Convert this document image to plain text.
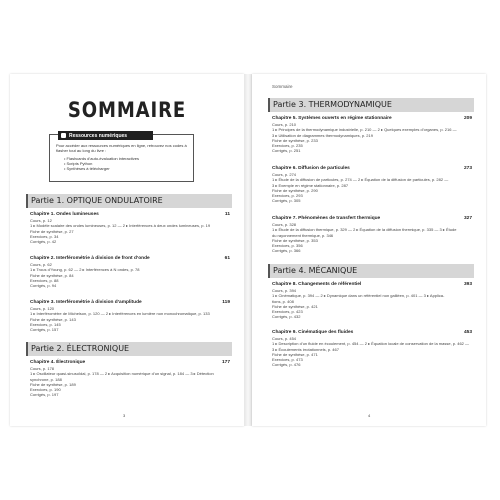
SOMMAIRE
Ressources numériques
Pour accéder aux ressources numériques en ligne, retrouvez nos codes à flasher tout au long du livre :
• Flashcards d’auto-évaluation interactives
• Scripts Python
• Synthèses à télécharger
Partie 1. OPTIQUE ONDULATOIRE
Chapitre 1. Ondes lumineuses	11
Cours, p. 12
1 ▸ Modèle scalaire des ondes lumineuses, p. 12 — 2 ▸ Interférences à deux ondes lumineuses, p. 19
Fiche de synthèse, p. 27
Exercices, p. 34
Corrigés, p. 42
Chapitre 2. Interférométrie à division de front d’onde	61
Cours, p. 62
1 ▸ Trous d’Young, p. 62 — 2 ▸ Interférences à N ondes, p. 78
Fiche de synthèse, p. 84
Exercices, p. 88
Corrigés, p. 94
Chapitre 3. Interférométrie à division d’amplitude	119
Cours, p. 120
1 ▸ Interféromètre de Michelson, p. 120 — 2 ▸ Interférences en lumière non monochromatique, p. 133
Fiche de synthèse, p. 143
Exercices, p. 145
Corrigés, p. 157
Partie 2. ÉLECTRONIQUE
Chapitre 4. Électronique	177
Cours, p. 178
1 ▸ Oscillateur quasi-sinusoïdal, p. 178 — 2 ▸ Acquisition numérique d’un signal, p. 184 — 3 ▸ Détection
synchrone, p. 188
Fiche de synthèse, p. 189
Exercices, p. 190
Corrigés, p. 197
3
Sommaire
Partie 3. THERMODYNAMIQUE
Chapitre 5. Systèmes ouverts en régime stationnaire	209
Cours, p. 210
1 ▸ Principes de la thermodynamique industrielle, p. 210 — 2 ▸ Quelques exemples d’organes, p. 216 —
3 ▸ Utilisation de diagrammes thermodynamiques, p. 219
Fiche de synthèse, p. 233
Exercices, p. 235
Corrigés, p. 251
Chapitre 6. Diffusion de particules	273
Cours, p. 274
1 ▸ Étude de la diffusion de particules, p. 274 — 2 ▸ Équation de la diffusion de particules, p. 282 —
3 ▸ Exemple en régime stationnaire, p. 287
Fiche de synthèse, p. 290
Exercices, p. 293
Corrigés, p. 305
Chapitre 7. Phénomènes de transfert thermique	327
Cours, p. 328
1 ▸ Étude de la diffusion thermique, p. 329 — 2 ▸ Équation de la diffusion thermique, p. 335 — 3 ▸ Étude
du rayonnement thermique, p. 346
Fiche de synthèse, p. 353
Exercices, p. 356
Corrigés, p. 366
Partie 4. MÉCANIQUE
Chapitre 8. Changements de référentiel	393
Cours, p. 394
1 ▸ Cinématique, p. 394 — 2 ▸ Dynamique dans un référentiel non galiléen, p. 401 — 3 ▸ Applica-
tions, p. 408
Fiche de synthèse, p. 421
Exercices, p. 423
Corrigés, p. 432
Chapitre 9. Cinématique des fluides	453
Cours, p. 454
1 ▸ Description d’un fluide en écoulement, p. 454 — 2 ▸ Équation locale de conservation de la masse, p. 462 —
3 ▸ Écoulements irrotationnels, p. 467
Fiche de synthèse, p. 471
Exercices, p. 473
Corrigés, p. 476
4
